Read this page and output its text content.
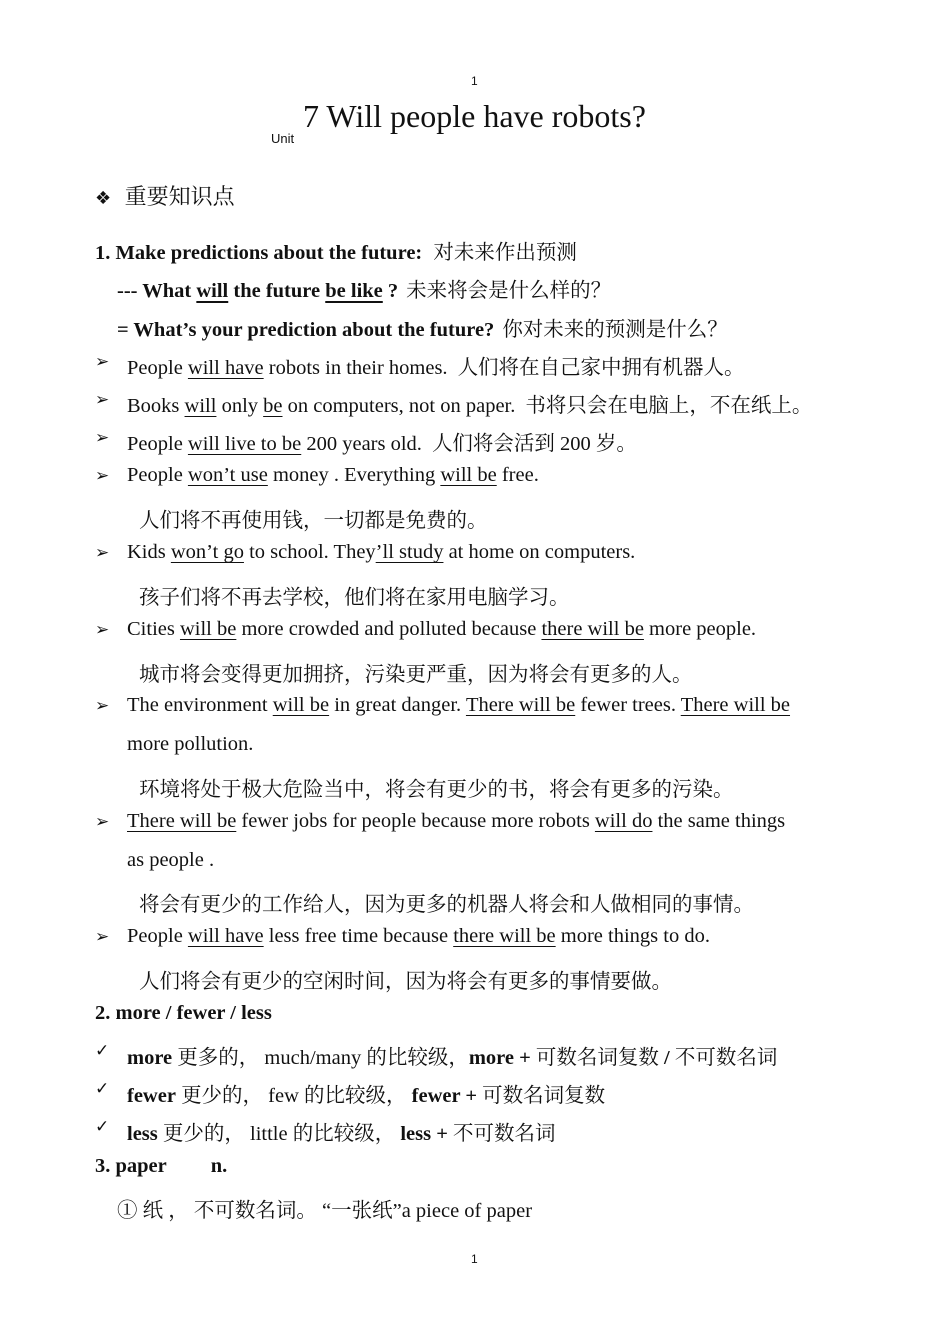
1
Unit
7 Will people have robots?
❖ 重要知识点
1. Make predictions about the future: 对未来作出预测
--- What will the future be like ? 未来将会是什么样的？
= What’s your prediction about the future? 你对未来的预测是什么？
➢ People will have robots in their homes. 人们将在自己家中拥有机器人。
➢ Books will only be on computers, not on paper. 书将只会在电脑上，不在纸上。
➢ People will live to be 200 years old. 人们将会活到 200 岁。
➢ People won’t use money . Everything will be free.
人们将不再使用钱，一切都是免费的。
➢ Kids won’t go to school. They’ll study at home on computers.
孩子们将不再去学校，他们将在家用电脑学习。
➢ Cities will be more crowded and polluted because there will be more people.
城市将会变得更加拥挤，污染更严重，因为将会有更多的人。
➢ The environment will be in great danger. There will be fewer trees. There will be
more pollution.
环境将处于极大危险当中，将会有更少的书，将会有更多的污染。
➢ There will be fewer jobs for people because more robots will do the same things
as people .
将会有更少的工作给人，因为更多的机器人将会和人做相同的事情。
➢ People will have less free time because there will be more things to do.
人们将会有更少的空闲时间，因为将会有更多的事情要做。
2. more / fewer / less
✓ more 更多的， much/many 的比较级，more + 可数名词复数 / 不可数名词
✓ fewer 更少的， few 的比较级， fewer + 可数名词复数
✓ less 更少的， little 的比较级， less + 不可数名词
3. paper n.
① 纸 ， 不可数名词。 “一张纸”a piece of paper
1
